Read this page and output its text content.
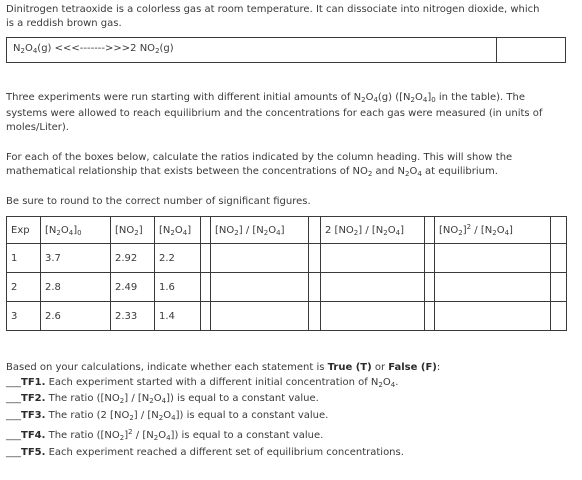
Dinitrogen tetraoxide is a colorless gas at room temperature. It can dissociate into nitrogen dioxide, which

is a reddish brown gas.

$N_2O_4(g) <<<------->>>2$ $NO_2(g)$

Three experiments were run starting with different initial amounts of $N_2O_4(g)$ ($[N_2O_4]_0$ in the table). The

systems were allowed to reach equilibrium and the concentrations for each gas were measured (in units of

moles/Liter).

For each of the boxes below, calculate the ratios indicated by the column heading. This will show the

mathematical relationship that exists between the concentrations of $NO_2$ and $N_2O_4$ at equilibrium.

Be sure to round to the correct number of significant figures.

Exp	$[N_2O_4]_0$	$[NO_2]$	$[N_2O_4]$		$[NO_2] / [N_2O_4]$		2 $[NO_2] / [N_2O_4]$		$[NO_2]^2 / [N_2O_4]$	
1	3.7	2.92	2.2							
2	2.8	2.49	1.6							
3	2.6	2.33	1.4							

Based on your calculations, indicate whether each statement is True (T) or False (F):

___TF1. Each experiment started with a different initial concentration of $N_2O_4$.

___TF2. The ratio $([NO_2] / [N_2O_4])$ is equal to a constant value.

___TF3. The ratio (2 $[NO_2] / [N_2O_4]$) is equal to a constant value.

___TF4. The ratio $([NO_2]^2 / [N_2O_4])$ is equal to a constant value.

___TF5. Each experiment reached a different set of equilibrium concentrations.
